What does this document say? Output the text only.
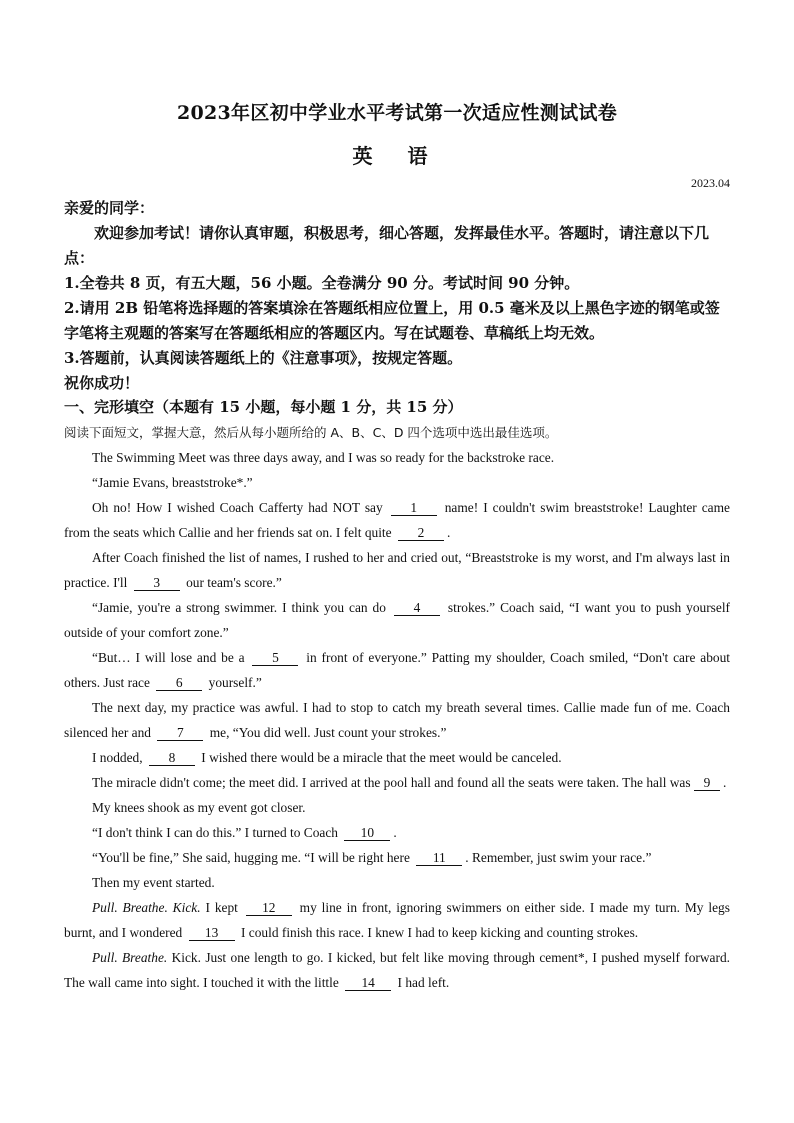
2023年区初中学业水平考试第一次适应性测试试卷
英 语
2023.04

亲爱的同学：

欢迎参加考试！请你认真审题，积极思考，细心答题，发挥最佳水平。答题时，请注意以下几点：

1.全卷共 8 页，有五大题，56 小题。全卷满分 90 分。考试时间 90 分钟。

2.请用 2B 铅笔将选择题的答案填涂在答题纸相应位置上，用 0.5 毫米及以上黑色字迹的钢笔或签字笔将主观题的答案写在答题纸相应的答题区内。写在试题卷、草稿纸上均无效。

3.答题前，认真阅读答题纸上的《注意事项》，按规定答题。

祝你成功！

一、完形填空（本题有 15 小题，每小题 1 分，共 15 分）
阅读下面短文，掌握大意，然后从每小题所给的 A、B、C、D 四个选项中选出最佳选项。

The Swimming Meet was three days away, and I was so ready for the backstroke race.

“Jamie Evans, breaststroke*.”

Oh no! How I wished Coach Cafferty had NOT say 1 name! I couldn't swim breaststroke! Laughter came from the seats which Callie and her friends sat on. I felt quite 2 .

After Coach finished the list of names, I rushed to her and cried out, “Breaststroke is my worst, and I'm always last in practice. I'll 3 our team's score.”

“Jamie, you're a strong swimmer. I think you can do 4 strokes.” Coach said, “I want you to push yourself outside of your comfort zone.”

“But… I will lose and be a 5 in front of everyone.” Patting my shoulder, Coach smiled, “Don't care about others. Just race 6 yourself.”

The next day, my practice was awful. I had to stop to catch my breath several times. Callie made fun of me. Coach silenced her and 7 me, “You did well. Just count your strokes.”

I nodded, 8 I wished there would be a miracle that the meet would be canceled.

The miracle didn't come; the meet did. I arrived at the pool hall and found all the seats were taken. The hall was 9 .

My knees shook as my event got closer.

“I don't think I can do this.” I turned to Coach 10 .

“You'll be fine,” She said, hugging me. “I will be right here 11 . Remember, just swim your race.”

Then my event started.

Pull. Breathe. Kick. I kept 12 my line in front, ignoring swimmers on either side. I made my turn. My legs burnt, and I wondered 13 I could finish this race. I knew I had to keep kicking and counting strokes.

Pull. Breathe. Kick. Just one length to go. I kicked, but felt like moving through cement*, I pushed myself forward. The wall came into sight. I touched it with the little 14 I had left.
